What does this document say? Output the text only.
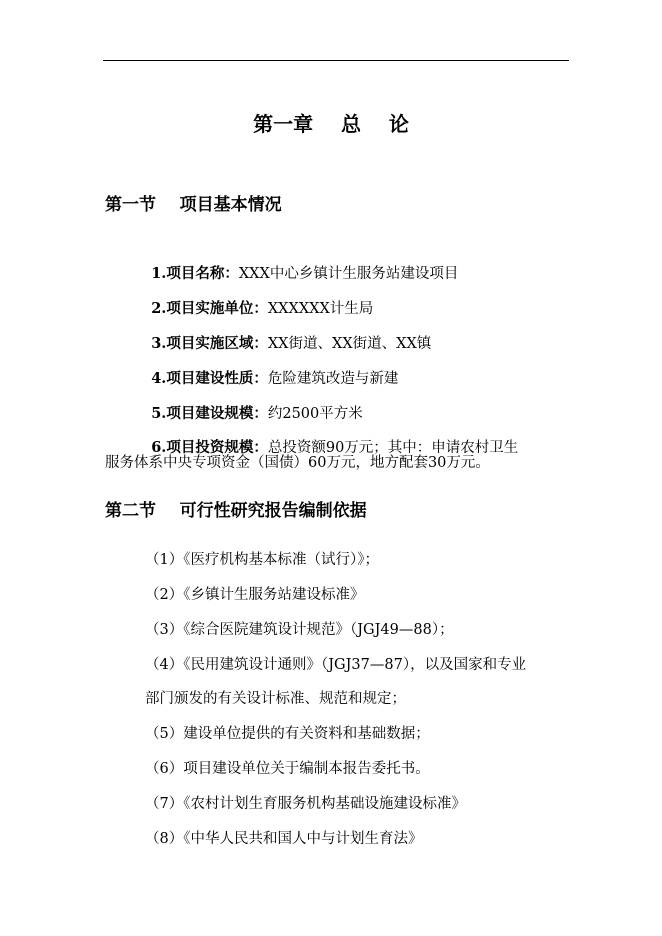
第一章    总    论
第一节    项目基本情况

1.项目名称：XXX中心乡镇计生服务站建设项目

2.项目实施单位：XXXXXX计生局

3.项目实施区域：XX街道、XX街道、XX镇

4.项目建设性质：危险建筑改造与新建

5.项目建设规模：约2500平方米

6.项目投资规模：总投资额90万元；其中：申请农村卫生

服务体系中央专项资金（国债）60万元，地方配套30万元。
第二节    可行性研究报告编制依据
（1）《医疗机构基本标准（试行）》；
（2）《乡镇计生服务站建设标准》
（3）《综合医院建筑设计规范》（JGJ49—88）；
（4）《民用建筑设计通则》（JGJ37—87），以及国家和专业
部门颁发的有关设计标准、规范和规定；
（5）建设单位提供的有关资料和基础数据；
（6）项目建设单位关于编制本报告委托书。
（7）《农村计划生育服务机构基础设施建设标准》
（8）《中华人民共和国人中与计划生育法》
